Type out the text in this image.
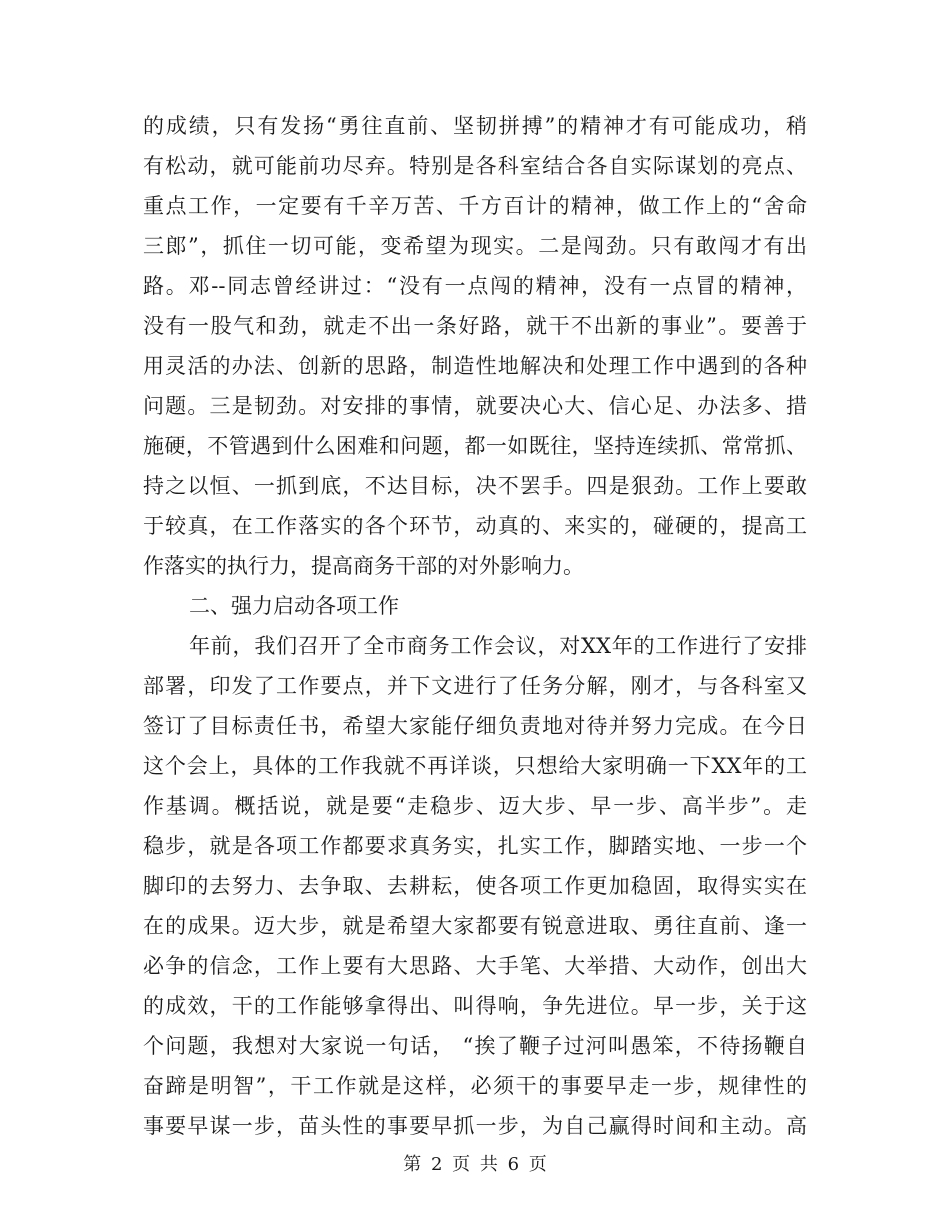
的成绩，只有发扬“勇往直前、坚韧拼搏”的精神才有可能成功，稍
有松动，就可能前功尽弃。特别是各科室结合各自实际谋划的亮点、
重点工作，一定要有千辛万苦、千方百计的精神，做工作上的“舍命
三郎”，抓住一切可能，变希望为现实。二是闯劲。只有敢闯才有出
路。邓--同志曾经讲过：“没有一点闯的精神，没有一点冒的精神，
没有一股气和劲，就走不出一条好路，就干不出新的事业”。要善于
用灵活的办法、创新的思路，制造性地解决和处理工作中遇到的各种
问题。三是韧劲。对安排的事情，就要决心大、信心足、办法多、措
施硬，不管遇到什么困难和问题，都一如既往，坚持连续抓、常常抓、
持之以恒、一抓到底，不达目标，决不罢手。四是狠劲。工作上要敢
于较真，在工作落实的各个环节，动真的、来实的，碰硬的，提高工
作落实的执行力，提高商务干部的对外影响力。
二、强力启动各项工作
年前，我们召开了全市商务工作会议，对XX年的工作进行了安排
部署，印发了工作要点，并下文进行了任务分解，刚才，与各科室又
签订了目标责任书，希望大家能仔细负责地对待并努力完成。在今日
这个会上，具体的工作我就不再详谈，只想给大家明确一下XX年的工
作基调。概括说，就是要“走稳步、迈大步、早一步、高半步”。走
稳步，就是各项工作都要求真务实，扎实工作，脚踏实地、一步一个
脚印的去努力、去争取、去耕耘，使各项工作更加稳固，取得实实在
在的成果。迈大步，就是希望大家都要有锐意进取、勇往直前、逢一
必争的信念，工作上要有大思路、大手笔、大举措、大动作，创出大
的成效，干的工作能够拿得出、叫得响，争先进位。早一步，关于这
个问题，我想对大家说一句话， “挨了鞭子过河叫愚笨，不待扬鞭自
奋蹄是明智”，干工作就是这样，必须干的事要早走一步，规律性的
事要早谋一步，苗头性的事要早抓一步，为自己赢得时间和主动。高
第 2 页 共 6 页
